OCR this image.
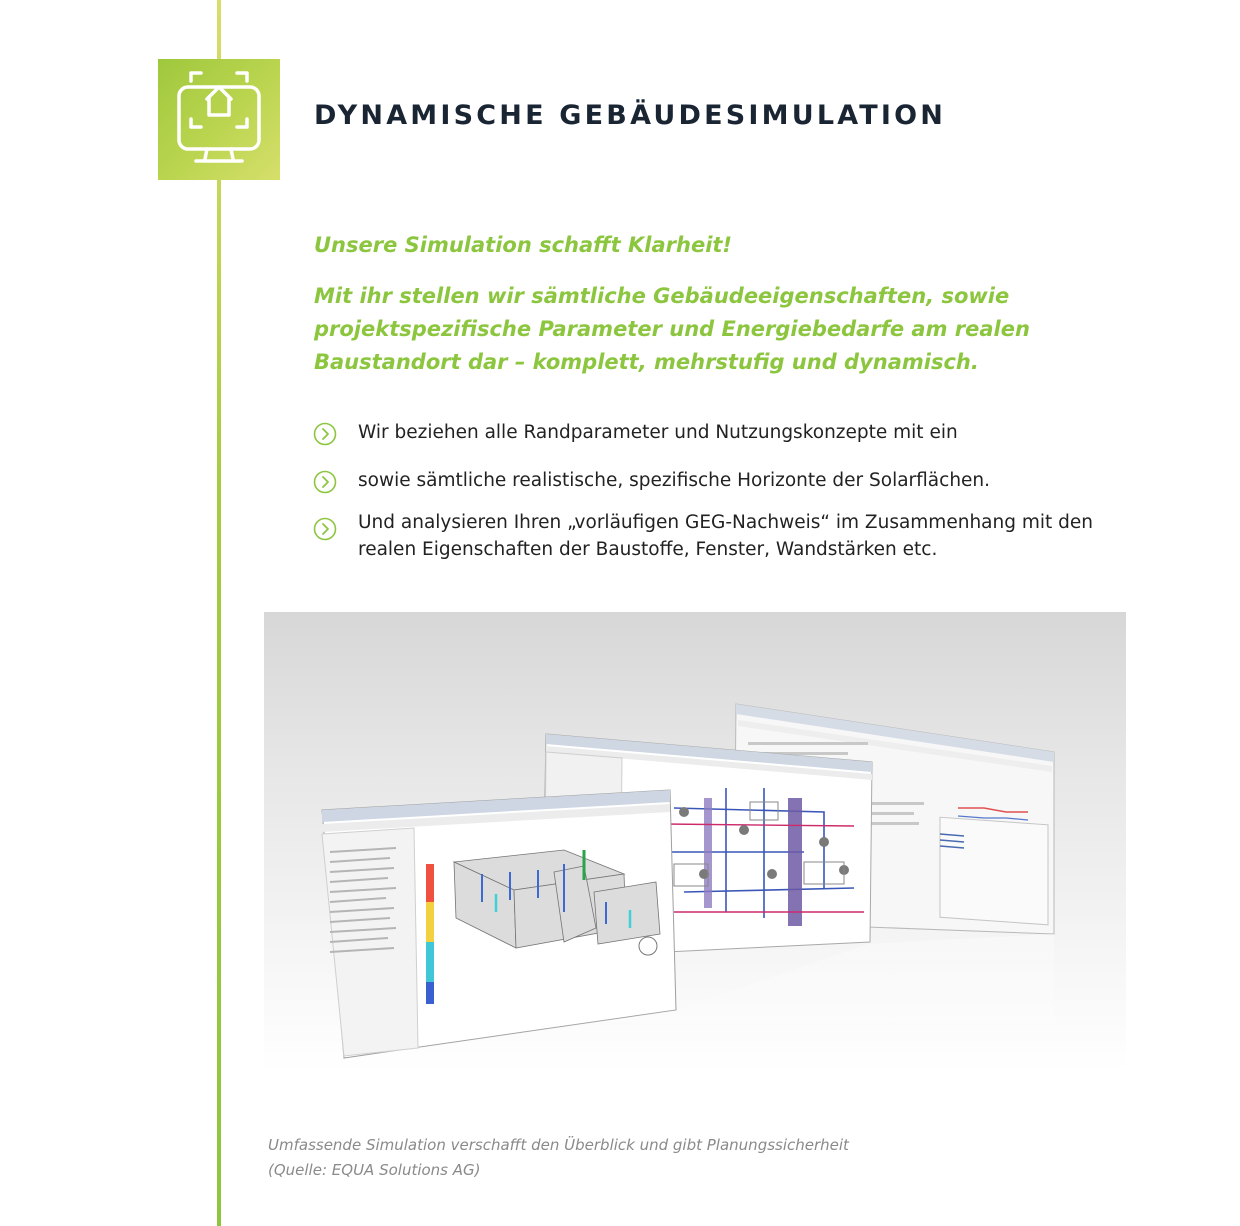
DYNAMISCHE GEBÄUDESIMULATION
Unsere Simulation schafft Klarheit!
Mit ihr stellen wir sämtliche Gebäudeeigenschaften, sowie projektspezifische Parameter und Energiebedarfe am realen Baustandort dar – komplett, mehrstufig und dynamisch.
Wir beziehen alle Randparameter und Nutzungskonzepte mit ein
sowie sämtliche realistische, spezifische Horizonte der Solarflächen.
Und analysieren Ihren „vorläufigen GEG-Nachweis“ im Zusammenhang mit den realen Eigenschaften der Baustoffe, Fenster, Wandstärken etc.
Umfassende Simulation verschafft den Überblick und gibt Planungssicherheit
(Quelle: EQUA Solutions AG)
